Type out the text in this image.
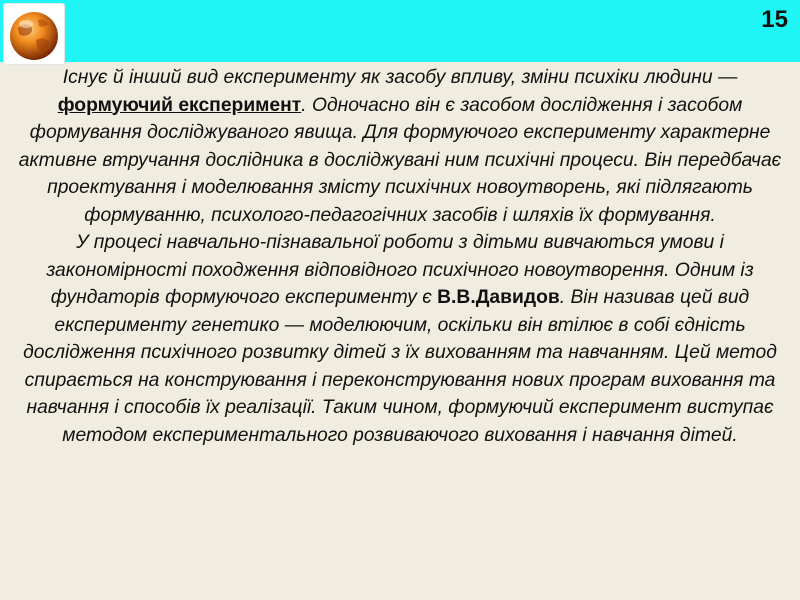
15

Існує й інший вид експерименту як засобу впливу, зміни психіки людини — формуючий експеримент. Одночасно він є засобом дослідження і засобом формування досліджуваного явища. Для формуючого експерименту характерне активне втручання дослідника в досліджувані ним психічні процеси. Він передбачає проектування і моделювання змісту психічних новоутворень, які підлягають формуванню, психолого-педагогічних засобів і шляхів їх формування.

У процесі навчально-пізнавальної роботи з дітьми вивчаються умови і закономірності походження відповідного психічного новоутворення. Одним із фундаторів формуючого експерименту є В.В.Давидов. Він називав цей вид експерименту генетико — моделюючим, оскільки він втілює в собі єдність дослідження психічного розвитку дітей з їх вихованням та навчанням. Цей метод спирається на конструювання і переконструювання нових програм виховання та навчання і способів їх реалізації. Таким чином, формуючий експеримент виступає методом експериментального розвиваючого виховання і навчання дітей.
